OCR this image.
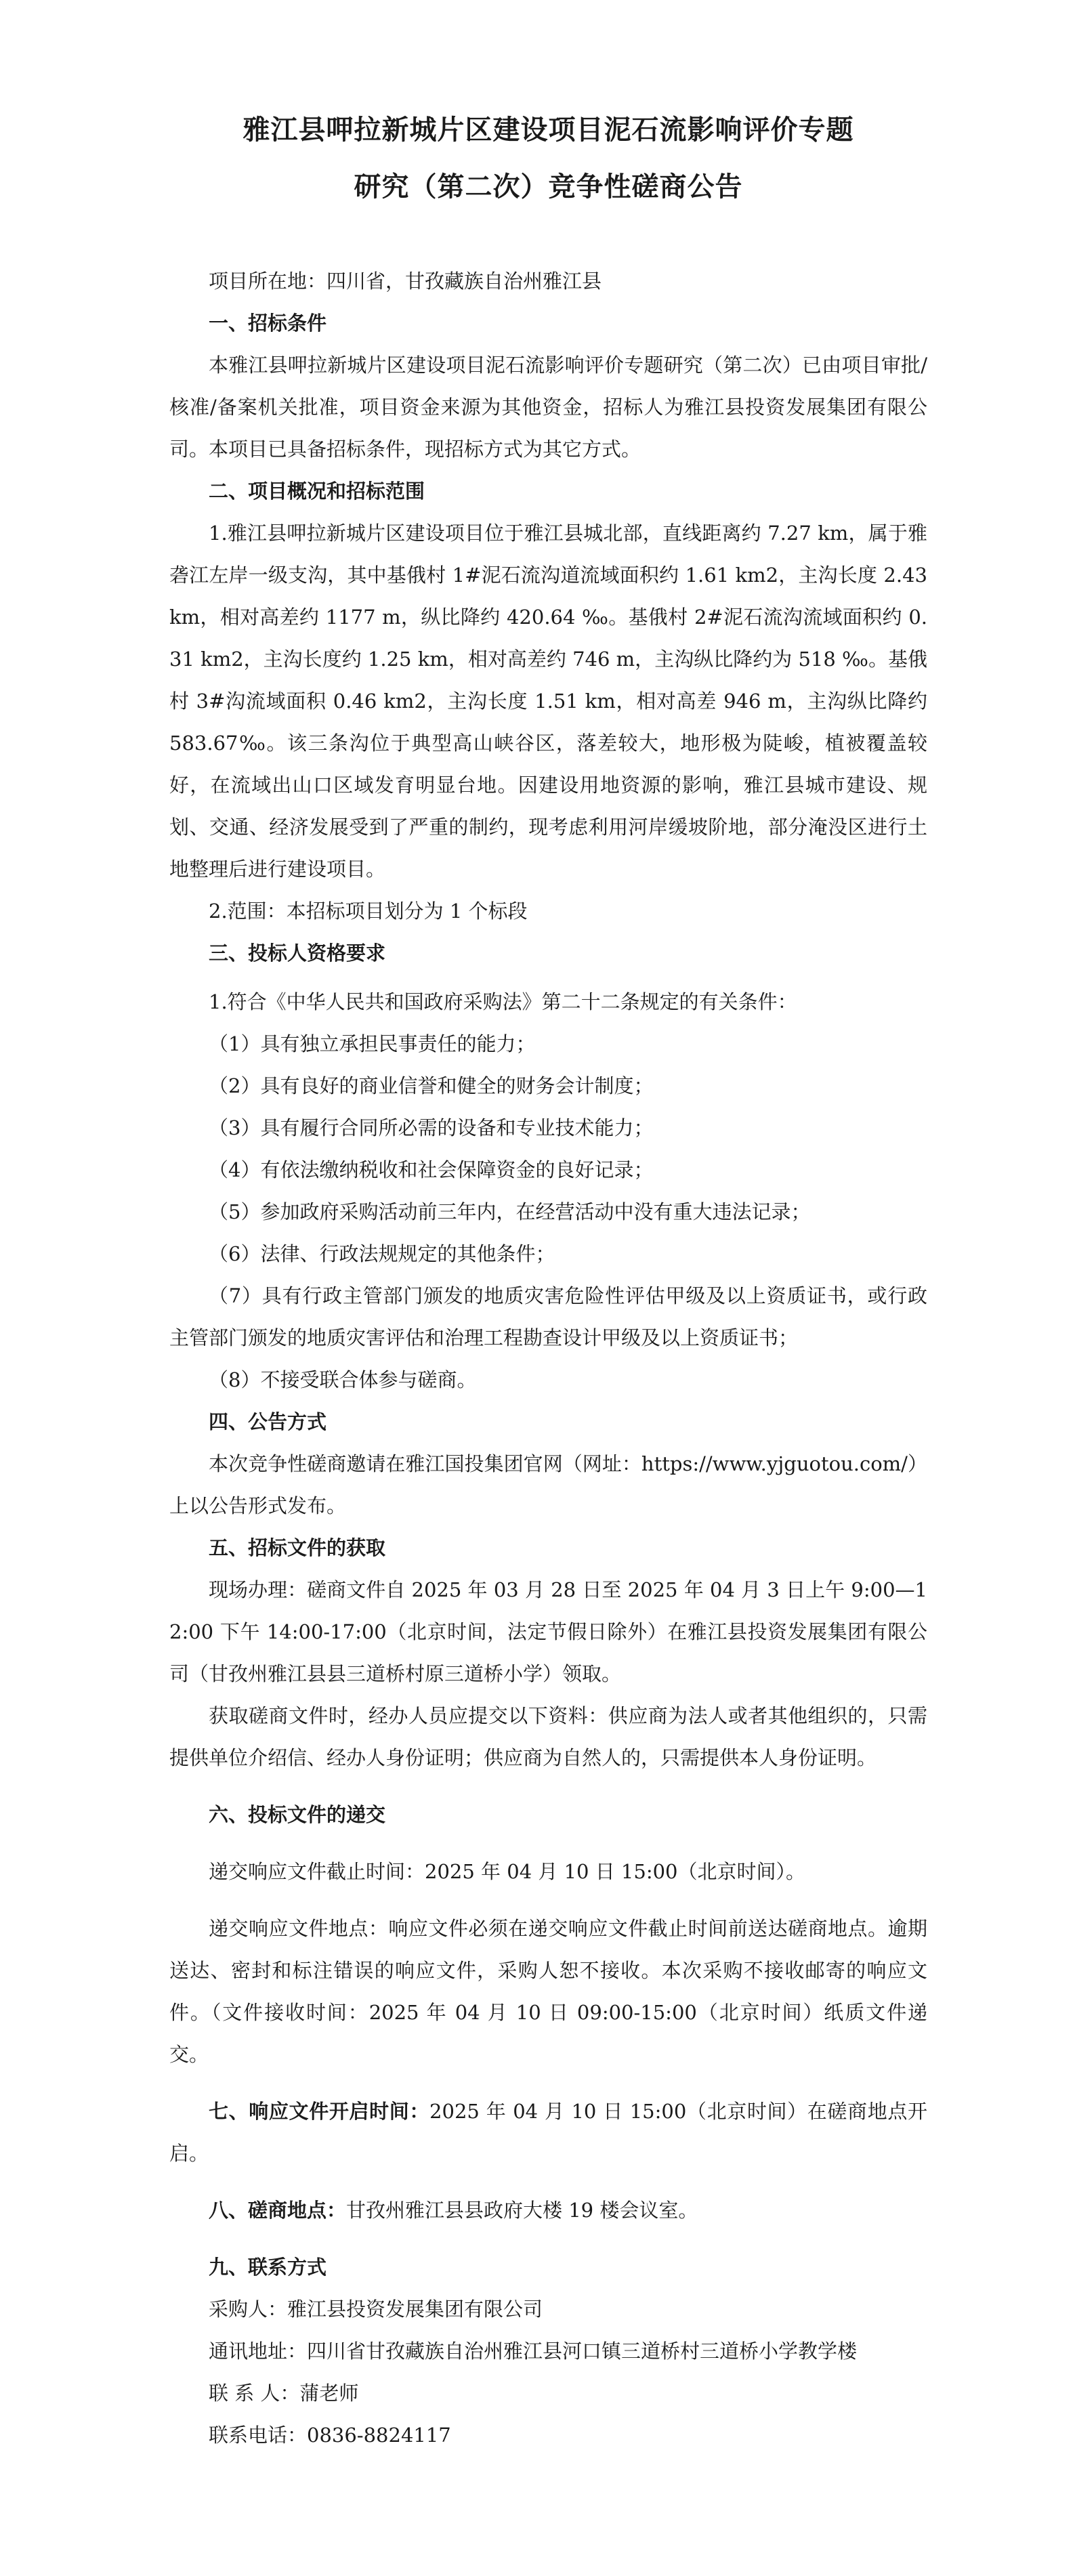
雅江县呷拉新城片区建设项目泥石流影响评价专题
研究（第二次）竞争性磋商公告

项目所在地：四川省，甘孜藏族自治州雅江县

一、招标条件

本雅江县呷拉新城片区建设项目泥石流影响评价专题研究（第二次）已由项目审批/核准/备案机关批准，项目资金来源为其他资金，招标人为雅江县投资发展集团有限公司。本项目已具备招标条件，现招标方式为其它方式。

二、项目概况和招标范围

1.雅江县呷拉新城片区建设项目位于雅江县城北部，直线距离约 7.27 km，属于雅砻江左岸一级支沟，其中基俄村 1#泥石流沟道流域面积约 1.61 km2，主沟长度 2.43 km，相对高差约 1177 m，纵比降约 420.64 ‰。基俄村 2#泥石流沟流域面积约 0.31 km2，主沟长度约 1.25 km，相对高差约 746 m，主沟纵比降约为 518 ‰。基俄村 3#沟流域面积 0.46 km2，主沟长度 1.51 km，相对高差 946 m，主沟纵比降约 583.67‰。该三条沟位于典型高山峡谷区，落差较大，地形极为陡峻，植被覆盖较好，在流域出山口区域发育明显台地。因建设用地资源的影响，雅江县城市建设、规划、交通、经济发展受到了严重的制约，现考虑利用河岸缓坡阶地，部分淹没区进行土地整理后进行建设项目。

2.范围：本招标项目划分为 1 个标段

三、投标人资格要求

1.符合《中华人民共和国政府采购法》第二十二条规定的有关条件：

（1）具有独立承担民事责任的能力；

（2）具有良好的商业信誉和健全的财务会计制度；

（3）具有履行合同所必需的设备和专业技术能力；

（4）有依法缴纳税收和社会保障资金的良好记录；

（5）参加政府采购活动前三年内，在经营活动中没有重大违法记录；

（6）法律、行政法规规定的其他条件；

（7）具有行政主管部门颁发的地质灾害危险性评估甲级及以上资质证书，或行政主管部门颁发的地质灾害评估和治理工程勘查设计甲级及以上资质证书；

（8）不接受联合体参与磋商。

四、公告方式

本次竞争性磋商邀请在雅江国投集团官网（网址：https://www.yjguotou.com/）上以公告形式发布。

五、招标文件的获取

现场办理：磋商文件自 2025 年 03 月 28 日至 2025 年 04 月 3 日上午 9:00—12:00 下午 14:00-17:00（北京时间，法定节假日除外）在雅江县投资发展集团有限公司（甘孜州雅江县县三道桥村原三道桥小学）领取。

获取磋商文件时，经办人员应提交以下资料：供应商为法人或者其他组织的，只需提供单位介绍信、经办人身份证明；供应商为自然人的，只需提供本人身份证明。

六、投标文件的递交

递交响应文件截止时间：2025 年 04 月 10 日 15:00（北京时间）。

递交响应文件地点：响应文件必须在递交响应文件截止时间前送达磋商地点。逾期送达、密封和标注错误的响应文件，采购人恕不接收。本次采购不接收邮寄的响应文件。（文件接收时间：2025 年 04 月 10 日 09:00-15:00（北京时间）纸质文件递交。

七、响应文件开启时间：2025 年 04 月 10 日 15:00（北京时间）在磋商地点开启。

八、磋商地点：甘孜州雅江县县政府大楼 19 楼会议室。

九、联系方式

采购人：雅江县投资发展集团有限公司

通讯地址：四川省甘孜藏族自治州雅江县河口镇三道桥村三道桥小学教学楼

联 系 人：蒲老师

联系电话：0836-8824117
